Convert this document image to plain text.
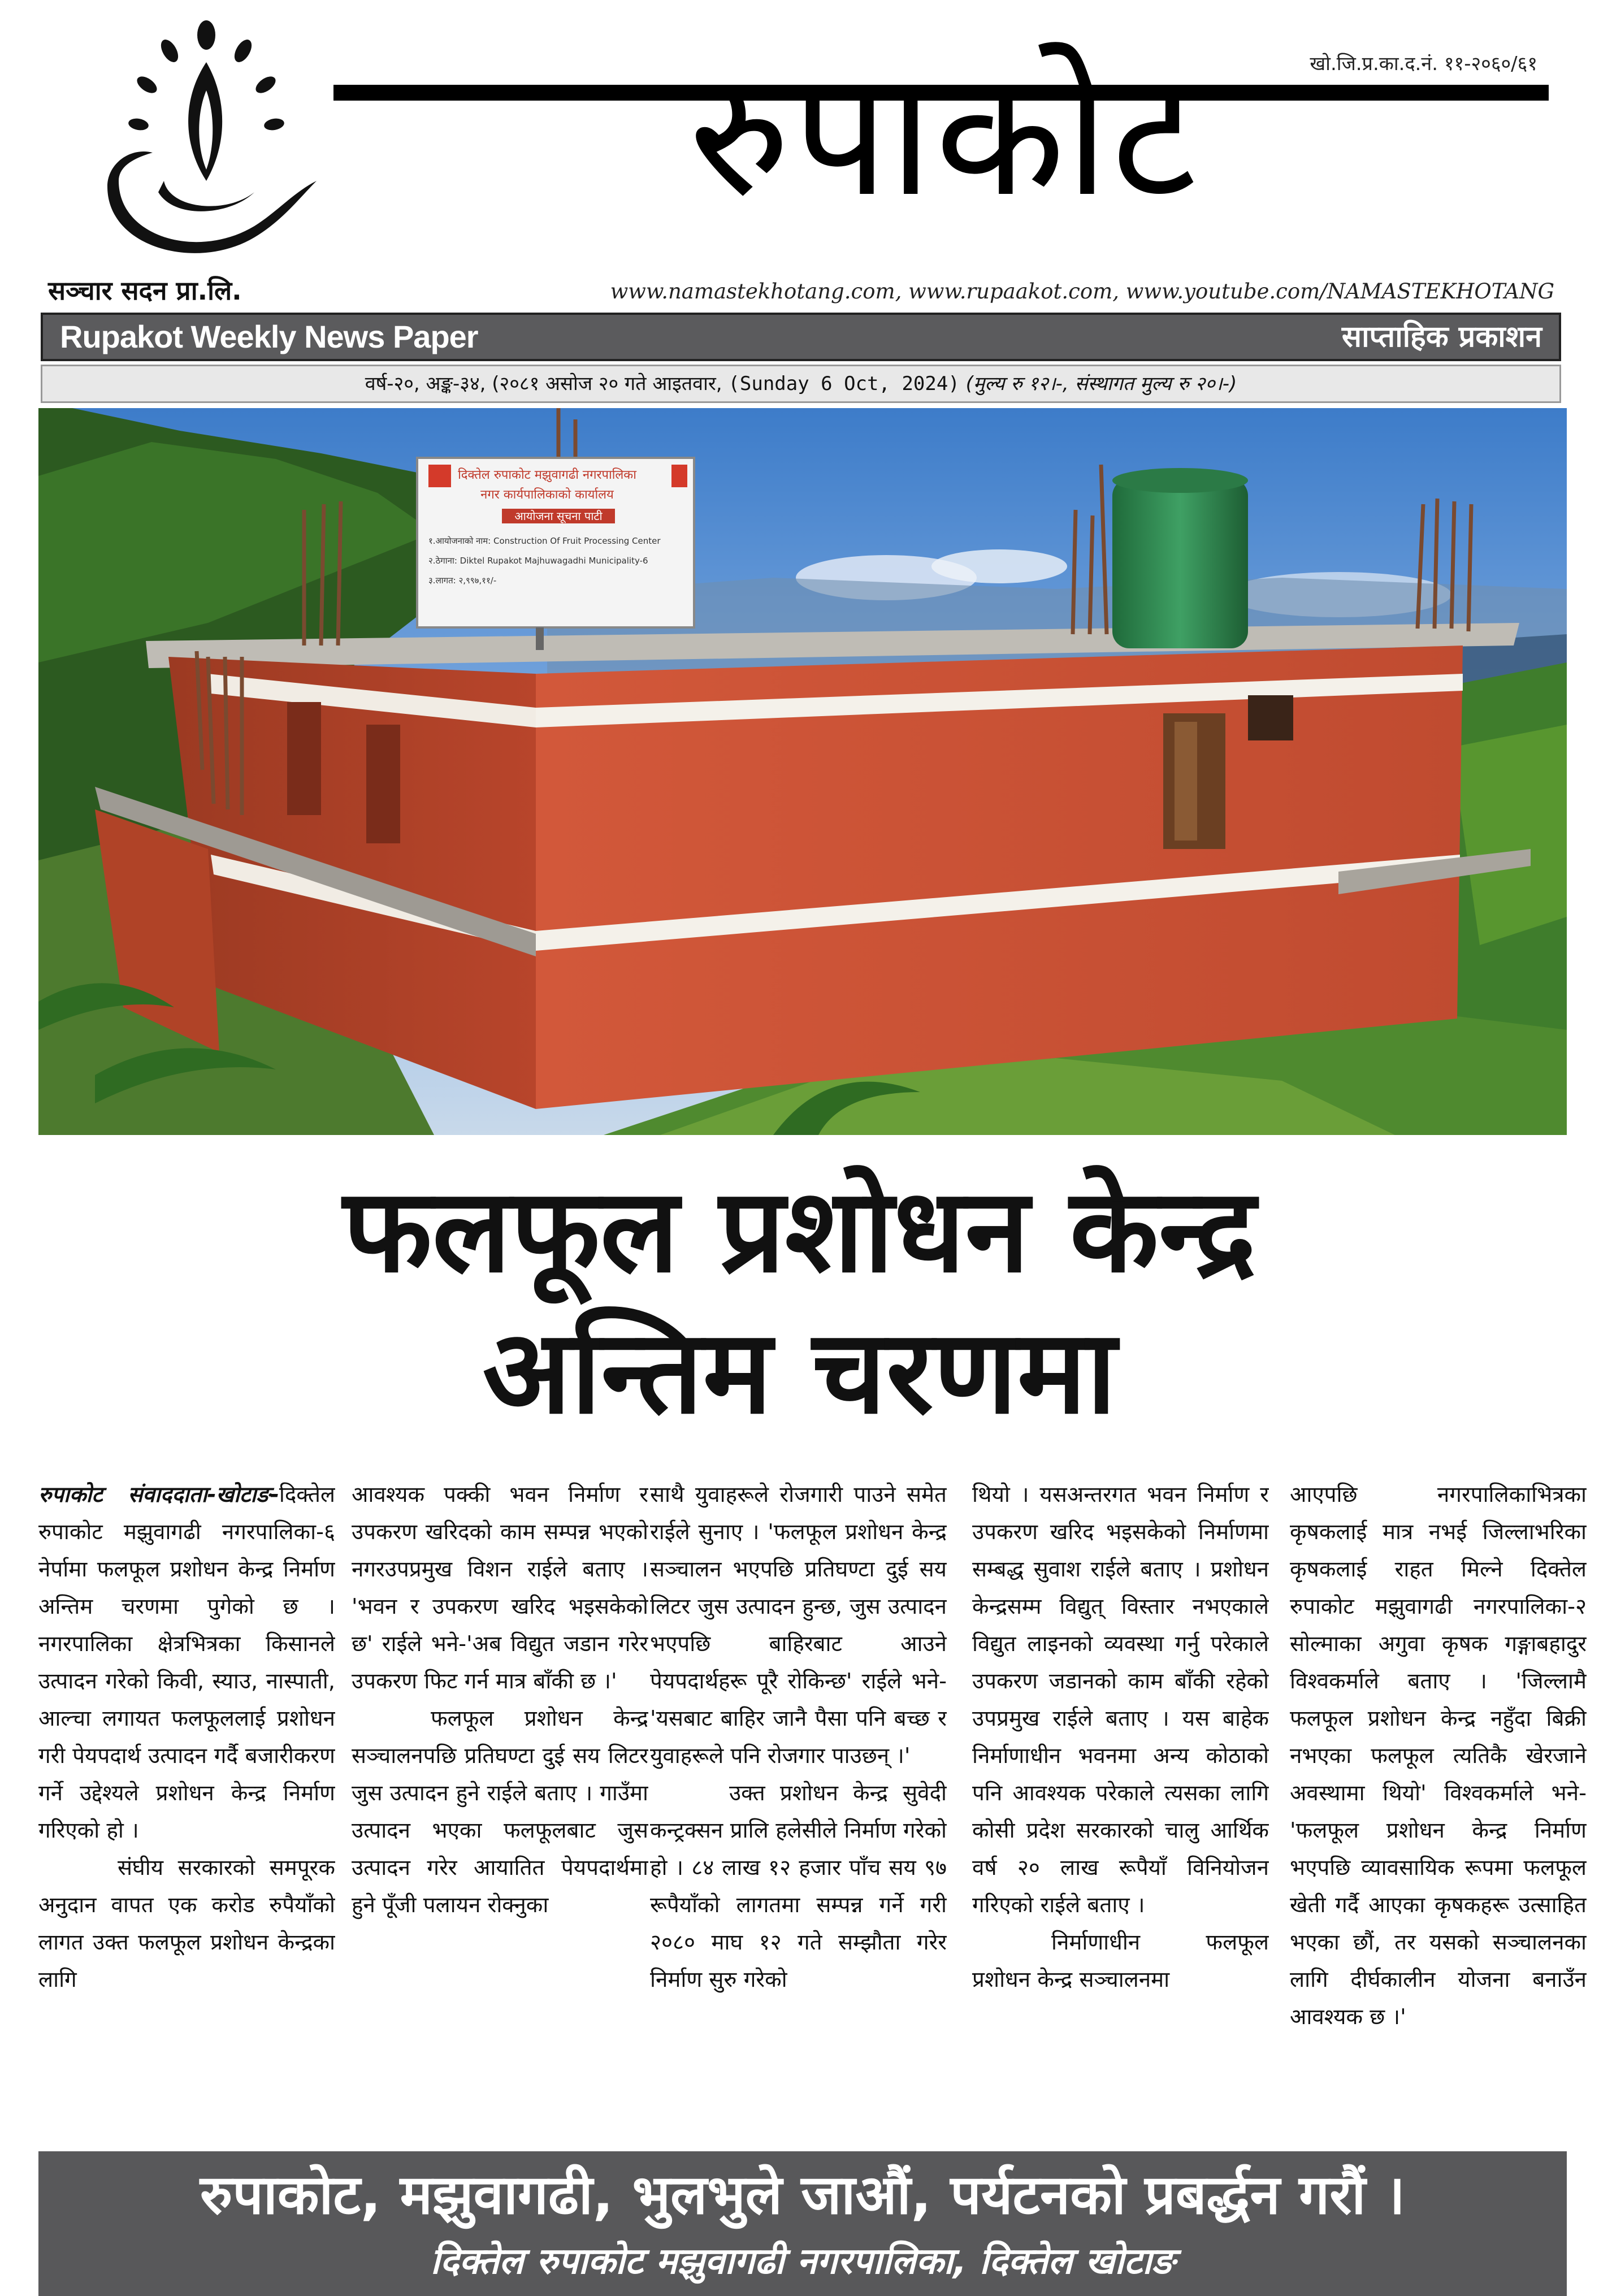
रुपाकोट	खो.जि.प्र.का.द.नं. ११-२०६०/६१
सञ्चार सदन प्रा.लि.	www.namastekhotang.com, www.rupaakot.com, www.youtube.com/NAMASTEKHOTANG
Rupakot Weekly News Paper	साप्ताहिक प्रकाशन
वर्ष-२०, अङ्क-३४, (२०८१ असोज २० गते आइतवार, (Sunday 6 Oct, 2024) (मुल्य रु १२।-, संस्थागत मुल्य रु २०।-)
दिक्तेल रुपाकोट मझुवागढी नगरपालिका
नगर कार्यपालिकाको कार्यालय
आयोजना सूचना पाटी
१.आयोजनाको नाम: Construction Of Fruit Processing Center
२.ठेगाना: Diktel Rupakot Majhuwagadhi Municipality-6
३.लागत: २,९९७,११/-
फलफूल प्रशोधन केन्द्र
अन्तिम चरणमा

रुपाकोट संवाददाता-खोटाङ-दिक्तेल रुपाकोट मझुवागढी नगरपालिका-६ नेर्पामा फलफूल प्रशोधन केन्द्र निर्माण अन्तिम चरणमा पुगेको छ । नगरपालिका क्षेत्रभित्रका किसानले उत्पादन गरेको किवी, स्याउ, नास्पाती, आल्चा लगायत फलफूललाई प्रशोधन गरी पेयपदार्थ उत्पादन गर्दै बजारीकरण गर्ने उद्देश्यले प्रशोधन केन्द्र निर्माण गरिएको हो ।

संघीय सरकारको समपूरक अनुदान वापत एक करोड रुपैयाँको लागत उक्त फलफूल प्रशोधन केन्द्रका लागि

आवश्यक पक्की भवन निर्माण र उपकरण खरिदको काम सम्पन्न भएको नगरउपप्रमुख विशन राईले बताए । 'भवन र उपकरण खरिद भइसकेको छ' राईले भने-'अब विद्युत जडान गरेर उपकरण फिट गर्न मात्र बाँकी छ ।'

फलफूल प्रशोधन केन्द्र सञ्चालनपछि प्रतिघण्टा दुई सय लिटर जुस उत्पादन हुने राईले बताए । गाउँमा उत्पादन भएका फलफूलबाट जुस उत्पादन गरेर आयातित पेयपदार्थमा हुने पूँजी पलायन रोक्नुका

साथै युवाहरूले रोजगारी पाउने समेत राईले सुनाए । 'फलफूल प्रशोधन केन्द्र सञ्चालन भएपछि प्रतिघण्टा दुई सय लिटर जुस उत्पादन हुन्छ, जुस उत्पादन भएपछि बाहिरबाट आउने पेयपदार्थहरू पूरै रोकिन्छ' राईले भने-'यसबाट बाहिर जानै पैसा पनि बच्छ र युवाहरूले पनि रोजगार पाउछन् ।'

उक्त प्रशोधन केन्द्र सुवेदी कन्ट्रक्सन प्रालि हलेसीले निर्माण गरेको हो । ८४ लाख १२ हजार पाँच सय ९७ रूपैयाँको लागतमा सम्पन्न गर्ने गरी २०८० माघ १२ गते सम्झौता गरेर निर्माण सुरु गरेको

थियो । यसअन्तरगत भवन निर्माण र उपकरण खरिद भइसकेको निर्माणमा सम्बद्ध सुवाश राईले बताए । प्रशोधन केन्द्रसम्म विद्युत् विस्तार नभएकाले विद्युत लाइनको व्यवस्था गर्नु परेकाले उपकरण जडानको काम बाँकी रहेको उपप्रमुख राईले बताए । यस बाहेक निर्माणाधीन भवनमा अन्य कोठाको पनि आवश्यक परेकाले त्यसका लागि कोसी प्रदेश सरकारको चालु आर्थिक वर्ष २० लाख रूपैयाँ विनियोजन गरिएको राईले बताए ।

निर्माणाधीन फलफूल प्रशोधन केन्द्र सञ्चालनमा

आएपछि नगरपालिकाभित्रका कृषकलाई मात्र नभई जिल्लाभरिका कृषकलाई राहत मिल्ने दिक्तेल रुपाकोट मझुवागढी नगरपालिका-२ सोल्माका अगुवा कृषक गङ्गाबहादुर विश्वकर्माले बताए । 'जिल्लामै फलफूल प्रशोधन केन्द्र नहुँदा बिक्री नभएका फलफूल त्यतिकै खेरजाने अवस्थामा थियो' विश्वकर्माले भने-'फलफूल प्रशोधन केन्द्र निर्माण भएपछि व्यावसायिक रूपमा फलफूल खेती गर्दै आएका कृषकहरू उत्साहित भएका छौं, तर यसको सञ्चालनका लागि दीर्घकालीन योजना बनाउँन आवश्यक छ ।'

रुपाकोट, मझुवागढी, भुलभुले जाऔं, पर्यटनको प्रबर्द्धन गरौं ।
दिक्तेल रुपाकोट मझुवागढी नगरपालिका, दिक्तेल खोटाङ
